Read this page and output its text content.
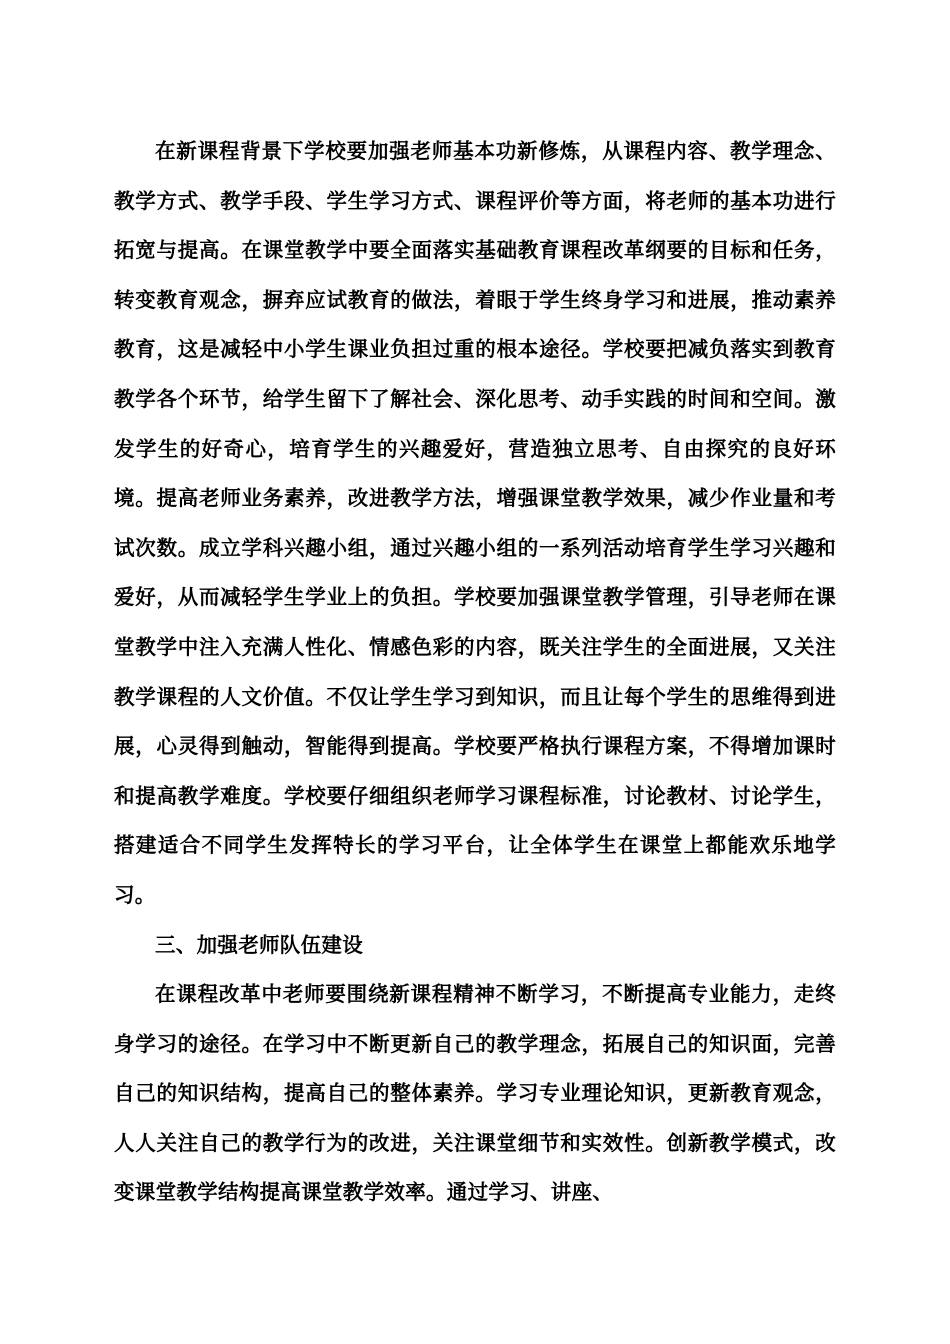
在新课程背景下学校要加强老师基本功新修炼，从课程内容、教学理念、教学方式、教学手段、学生学习方式、课程评价等方面，将老师的基本功进行拓宽与提高。在课堂教学中要全面落实基础教育课程改革纲要的目标和任务，转变教育观念，摒弃应试教育的做法，着眼于学生终身学习和进展，推动素养教育，这是减轻中小学生课业负担过重的根本途径。学校要把减负落实到教育教学各个环节，给学生留下了解社会、深化思考、动手实践的时间和空间。激发学生的好奇心，培育学生的兴趣爱好，营造独立思考、自由探究的良好环境。提高老师业务素养，改进教学方法，增强课堂教学效果，减少作业量和考试次数。成立学科兴趣小组，通过兴趣小组的一系列活动培育学生学习兴趣和爱好，从而减轻学生学业上的负担。学校要加强课堂教学管理，引导老师在课堂教学中注入充满人性化、情感色彩的内容，既关注学生的全面进展，又关注教学课程的人文价值。不仅让学生学习到知识，而且让每个学生的思维得到进展，心灵得到触动，智能得到提高。学校要严格执行课程方案，不得增加课时和提高教学难度。学校要仔细组织老师学习课程标准，讨论教材、讨论学生，搭建适合不同学生发挥特长的学习平台，让全体学生在课堂上都能欢乐地学习。

三、加强老师队伍建设

在课程改革中老师要围绕新课程精神不断学习，不断提高专业能力，走终身学习的途径。在学习中不断更新自己的教学理念，拓展自己的知识面，完善自己的知识结构，提高自己的整体素养。学习专业理论知识，更新教育观念，人人关注自己的教学行为的改进，关注课堂细节和实效性。创新教学模式，改变课堂教学结构提高课堂教学效率。通过学习、讲座、
